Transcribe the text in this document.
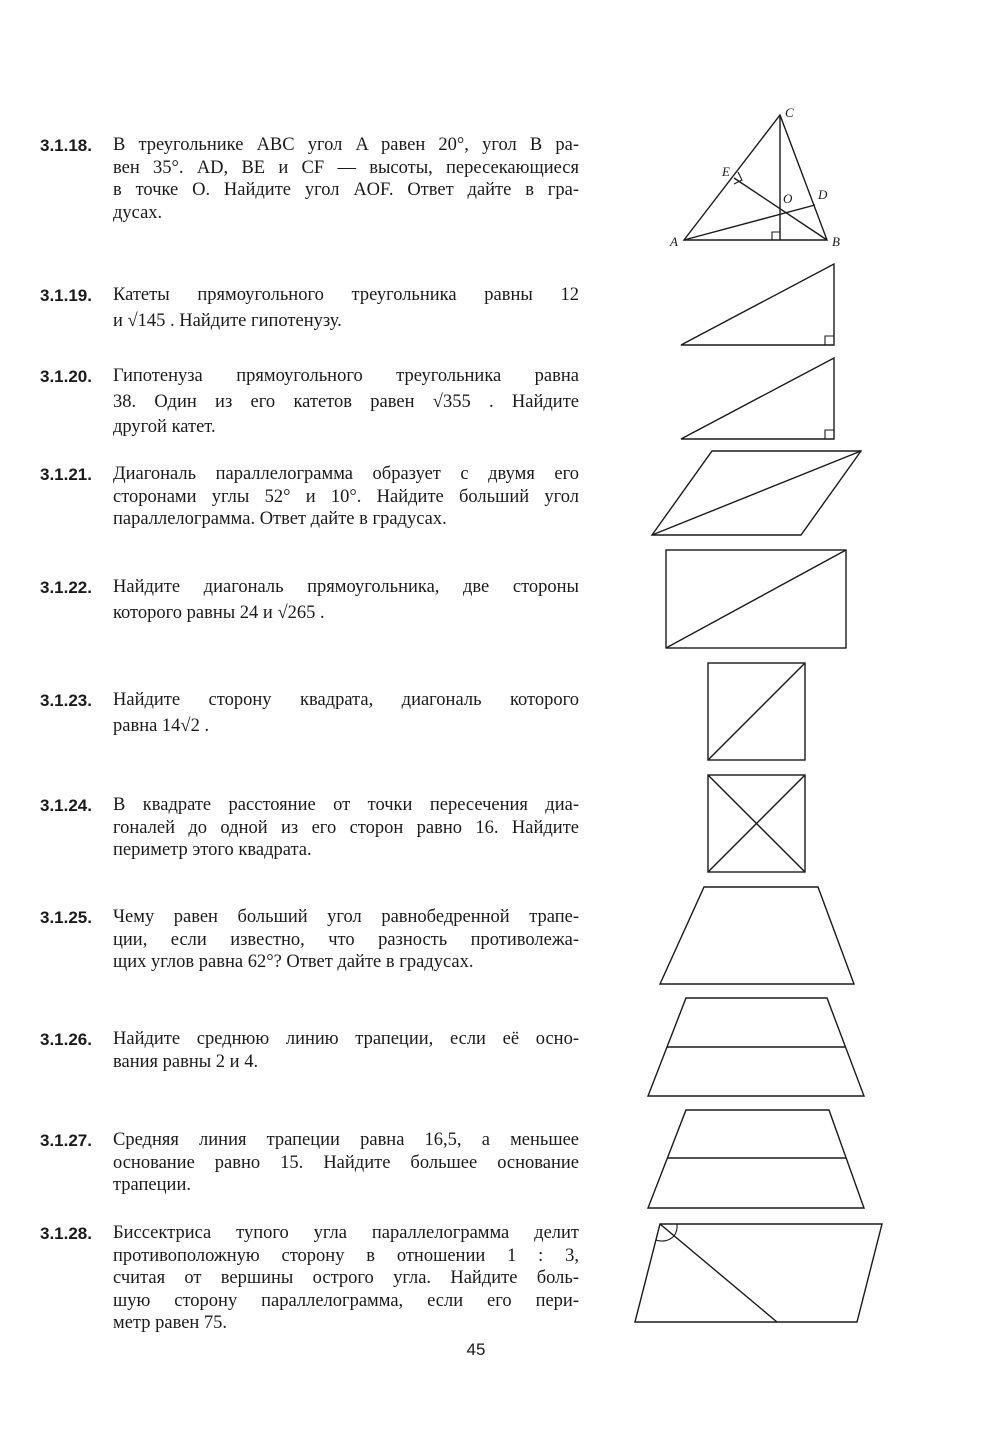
3.1.18. В треугольнике ABC угол A равен 20°, угол B ра-
вен 35°. AD, BE и CF — высоты, пересекающиеся
в точке O. Найдите угол AOF. Ответ дайте в гра-
дусах.
3.1.19. Катеты прямоугольного треугольника равны 12
и √145 . Найдите гипотенузу.
3.1.20. Гипотенуза прямоугольного треугольника равна
38. Один из его катетов равен √355 . Найдите
другой катет.
3.1.21. Диагональ параллелограмма образует с двумя его
сторонами углы 52° и 10°. Найдите больший угол
параллелограмма. Ответ дайте в градусах.
3.1.22. Найдите диагональ прямоугольника, две стороны
которого равны 24 и √265 .
3.1.23. Найдите сторону квадрата, диагональ которого
равна 14√2 .
3.1.24. В квадрате расстояние от точки пересечения диа-
гоналей до одной из его сторон равно 16. Найдите
периметр этого квадрата.
3.1.25. Чему равен больший угол равнобедренной трапе-
ции, если известно, что разность противолежа-
щих углов равна 62°? Ответ дайте в градусах.
3.1.26. Найдите среднюю линию трапеции, если её осно-
вания равны 2 и 4.
3.1.27. Средняя линия трапеции равна 16,5, а меньшее
основание равно 15. Найдите большее основание
трапеции.
3.1.28. Биссектриса тупого угла параллелограмма делит
противоположную сторону в отношении 1 : 3,
считая от вершины острого угла. Найдите боль-
шую сторону параллелограмма, если его пери-
метр равен 75.
A	B
C
D
E
O
45
